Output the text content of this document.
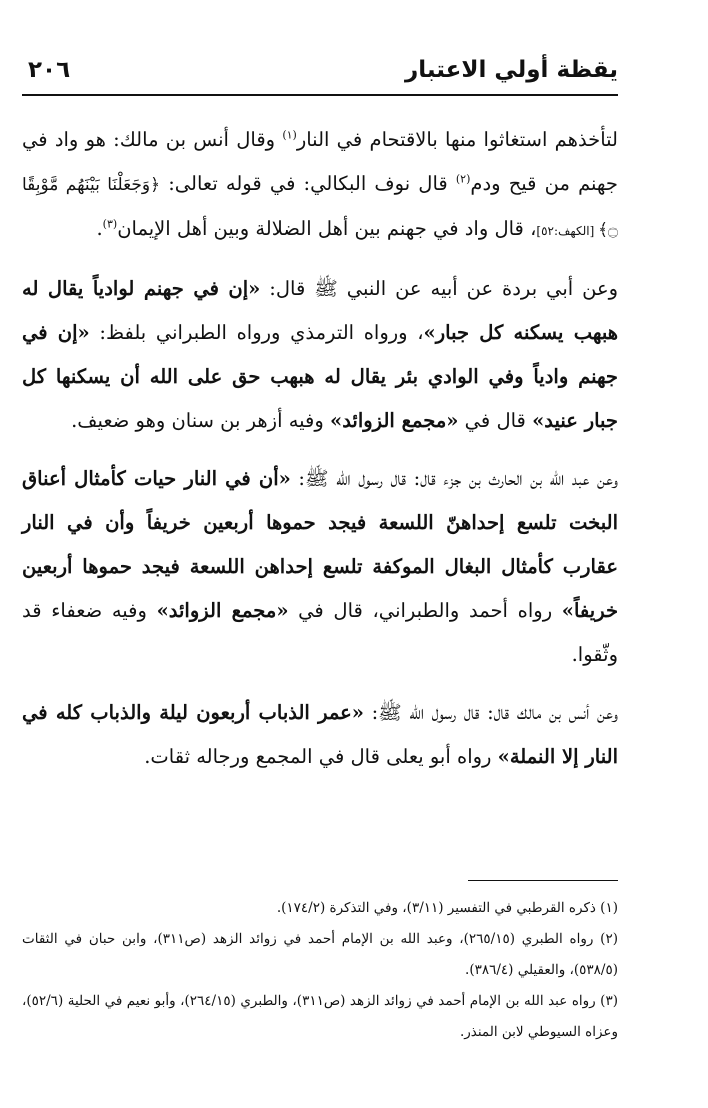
يقظة أولي الاعتبار
٢٠٦

لتأخذهم استغاثوا منها بالاقتحام في النار$^{(١)}$ وقال أنس بن مالك: هو واد في جهنم من قيح ودم$^{(٢)}$ قال نوف البكالي: في قوله تعالى: ﴿وَجَعَلْنَا بَيْنَهُم مَّوْبِقًا ۝﴾ [الكهف:٥٢]، قال واد في جهنم بين أهل الضلالة وبين أهل الإيمان$^{(٣)}$.

وعن أبي بردة عن أبيه عن النبي ﷺ قال: «إن في جهنم لوادياً يقال له هبهب يسكنه كل جبار»، ورواه الترمذي ورواه الطبراني بلفظ: «إن في جهنم وادياً وفي الوادي بئر يقال له هبهب حق على الله أن يسكنها كل جبار عنيد» قال في «مجمع الزوائد» وفيه أزهر بن سنان وهو ضعيف.

وعن عبد الله بن الحارث بن جزء قال: قال رسول الله ﷺ: «أن في النار حيات كأمثال أعناق البخت تلسع إحداهنّ اللسعة فيجد حموها أربعين خريفاً وأن في النار عقارب كأمثال البغال الموكفة تلسع إحداهن اللسعة فيجد حموها أربعين خريفاً» رواه أحمد والطبراني، قال في «مجمع الزوائد» وفيه ضعفاء قد وثّقوا.

وعن أنس بن مالك قال: قال رسول الله ﷺ: «عمر الذباب أربعون ليلة والذباب كله في النار إلا النملة» رواه أبو يعلى قال في المجمع ورجاله ثقات.

(١) ذكره القرطبي في التفسير (٣/١١)، وفي التذكرة (١٧٤/٢).

(٢) رواه الطبري (٢٦٥/١٥)، وعبد الله بن الإمام أحمد في زوائد الزهد (ص٣١١)، وابن حبان في الثقات (٥٣٨/٥)، والعقيلي (٣٨٦/٤).

(٣) رواه عبد الله بن الإمام أحمد في زوائد الزهد (ص٣١١)، والطبري (٢٦٤/١٥)، وأبو نعيم في الحلية (٥٢/٦)، وعزاه السيوطي لابن المنذر.
